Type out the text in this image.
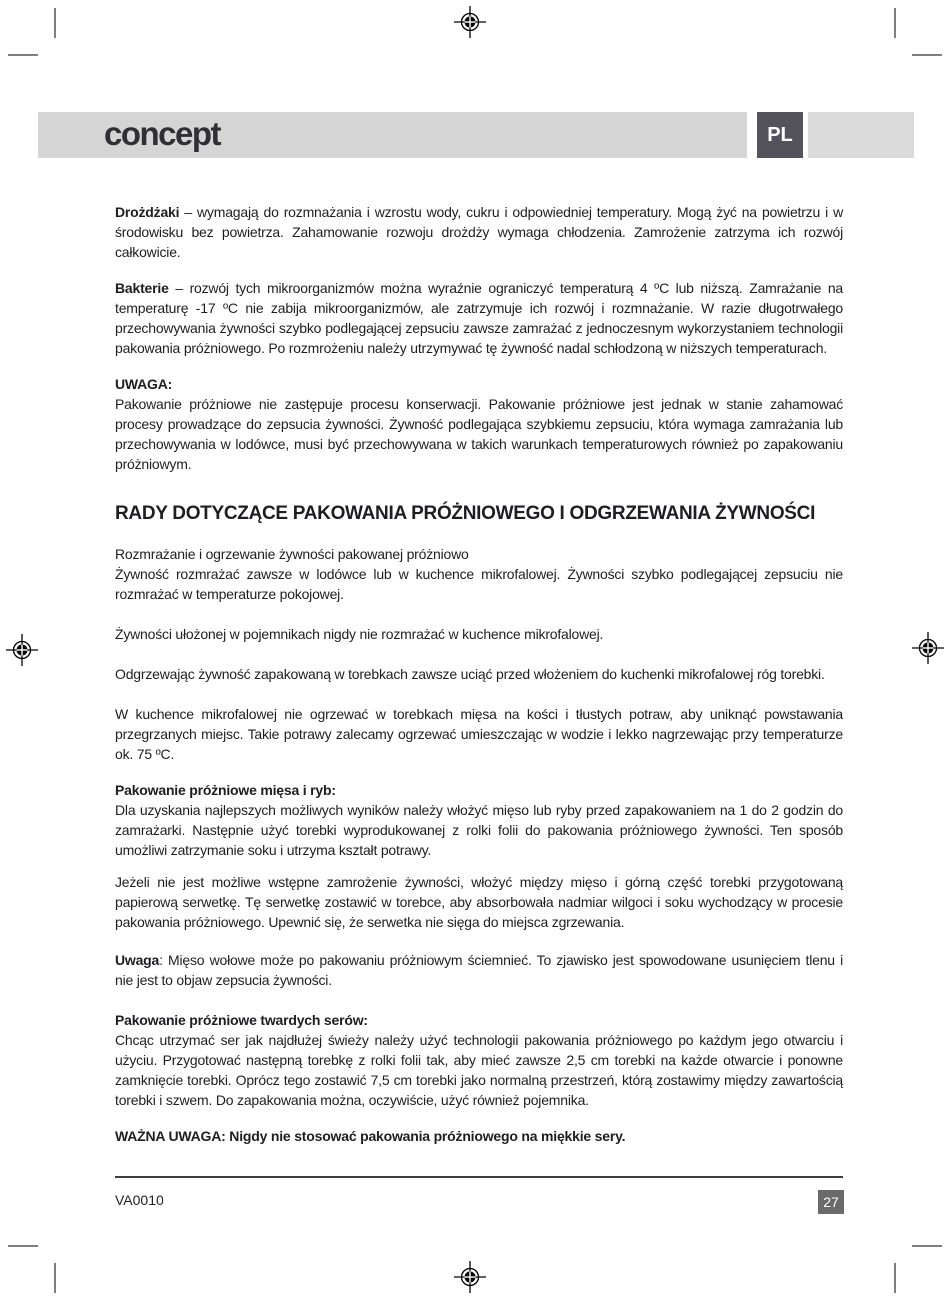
concept	PL

Drożdżaki – wymagają do rozmnażania i wzrostu wody, cukru i odpowiedniej temperatury. Mogą żyć na powietrzu i w środowisku bez powietrza. Zahamowanie rozwoju drożdży wymaga chłodzenia. Zamrożenie zatrzyma ich rozwój całkowicie.

Bakterie – rozwój tych mikroorganizmów można wyraźnie ograniczyć temperaturą 4 ºC lub niższą. Zamrażanie na temperaturę -17 ºC nie zabija mikroorganizmów, ale zatrzymuje ich rozwój i rozmnażanie. W razie długotrwałego przechowywania żywności szybko podlegającej zepsuciu zawsze zamrażać z jednoczesnym wykorzystaniem technologii pakowania próżniowego. Po rozmrożeniu należy utrzymywać tę żywność nadal schłodzoną w niższych temperaturach.

UWAGA:
Pakowanie próżniowe nie zastępuje procesu konserwacji. Pakowanie próżniowe jest jednak w stanie zahamować procesy prowadzące do zepsucia żywności. Żywność podlegająca szybkiemu zepsuciu, która wymaga zamrażania lub przechowywania w lodówce, musi być przechowywana w takich warunkach temperaturowych również po zapakowaniu próżniowym.

RADY DOTYCZĄCE PAKOWANIA PRÓŻNIOWEGO I ODGRZEWANIA ŻYWNOŚCI

Rozmrażanie i ogrzewanie żywności pakowanej próżniowo
Żywność rozmrażać zawsze w lodówce lub w kuchence mikrofalowej. Żywności szybko podlegającej zepsuciu nie rozmrażać w temperaturze pokojowej.

Żywności ułożonej w pojemnikach nigdy nie rozmrażać w kuchence mikrofalowej.

Odgrzewając żywność zapakowaną w torebkach zawsze uciąć przed włożeniem do kuchenki mikrofalowej róg torebki.

W kuchence mikrofalowej nie ogrzewać w torebkach mięsa na kości i tłustych potraw, aby uniknąć powstawania przegrzanych miejsc. Takie potrawy zalecamy ogrzewać umieszczając w wodzie i lekko nagrzewając przy temperaturze ok. 75 ºC.

Pakowanie próżniowe mięsa i ryb:
Dla uzyskania najlepszych możliwych wyników należy włożyć mięso lub ryby przed zapakowaniem na 1 do 2 godzin do zamrażarki. Następnie użyć torebki wyprodukowanej z rolki folii do pakowania próżniowego żywności. Ten sposób umożliwi zatrzymanie soku i utrzyma kształt potrawy.

Jeżeli nie jest możliwe wstępne zamrożenie żywności, włożyć między mięso i górną część torebki przygotowaną papierową serwetkę. Tę serwetkę zostawić w torebce, aby absorbowała nadmiar wilgoci i soku wychodzący w procesie pakowania próżniowego. Upewnić się, że serwetka nie sięga do miejsca zgrzewania.

Uwaga: Mięso wołowe może po pakowaniu próżniowym ściemnieć. To zjawisko jest spowodowane usunięciem tlenu i nie jest to objaw zepsucia żywności.

Pakowanie próżniowe twardych serów:
Chcąc utrzymać ser jak najdłużej świeży należy użyć technologii pakowania próżniowego po każdym jego otwarciu i użyciu. Przygotować następną torebkę z rolki folii tak, aby mieć zawsze 2,5 cm torebki na każde otwarcie i ponowne zamknięcie torebki. Oprócz tego zostawić 7,5 cm torebki jako normalną przestrzeń, którą zostawimy między zawartością torebki i szwem. Do zapakowania można, oczywiście, użyć również pojemnika.

WAŻNA UWAGA: Nigdy nie stosować pakowania próżniowego na miękkie sery.

VA0010	27
